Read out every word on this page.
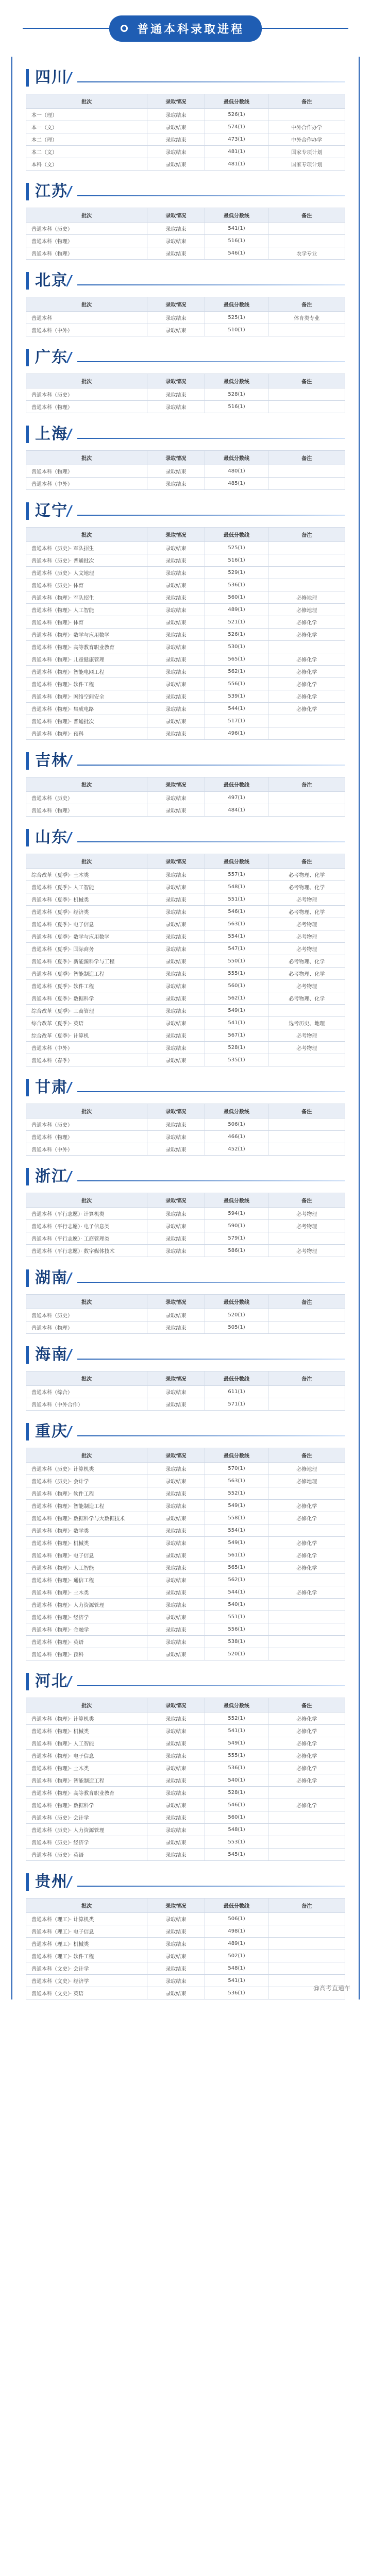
普通本科录取进程
四川
批次	录取情况	最低分数线	备注
本一（理）	录取结束	526(1)	
本一（文）	录取结束	574(1)	中外合作办学
本二（理）	录取结束	473(1)	中外合作办学
本二（文）	录取结束	481(1)	国家专项计划
本科（文）	录取结束	481(1)	国家专项计划
江苏
批次	录取情况	最低分数线	备注
普通本科（历史）	录取结束	541(1)	
普通本科（物理）	录取结束	516(1)	
普通本科（物理）	录取结束	546(1)	农学专业
北京
批次	录取情况	最低分数线	备注
普通本科	录取结束	525(1)	体育类专业
普通本科（中外）	录取结束	510(1)	
广东
批次	录取情况	最低分数线	备注
普通本科（历史）	录取结束	528(1)	
普通本科（物理）	录取结束	516(1)	
上海
批次	录取情况	最低分数线	备注
普通本科（物理）	录取结束	480(1)	
普通本科（中外）	录取结束	485(1)	
辽宁
批次	录取情况	最低分数线	备注
普通本科（历史）· 军队招生	录取结束	525(1)	
普通本科（历史）· 普通批次	录取结束	516(1)	
普通本科（历史）· 人文地理	录取结束	529(1)	
普通本科（历史）· 体育	录取结束	536(1)	
普通本科（物理）· 军队招生	录取结束	560(1)	必修地理
普通本科（物理）· 人工智能	录取结束	489(1)	必修地理
普通本科（物理）· 体育	录取结束	521(1)	必修化学
普通本科（物理）· 数学与应用数学	录取结束	526(1)	必修化学
普通本科（物理）· 高等教育职业教育	录取结束	530(1)	
普通本科（物理）· 儿童健康管理	录取结束	565(1)	必修化学
普通本科（物理）· 智能电网工程	录取结束	562(1)	必修化学
普通本科（物理）· 软件工程	录取结束	556(1)	必修化学
普通本科（物理）· 网络空间安全	录取结束	539(1)	必修化学
普通本科（物理）· 集成电路	录取结束	544(1)	必修化学
普通本科（物理）· 普通批次	录取结束	517(1)	
普通本科（物理）· 预科	录取结束	496(1)	
吉林
批次	录取情况	最低分数线	备注
普通本科（历史）	录取结束	497(1)	
普通本科（物理）	录取结束	484(1)	
山东
批次	录取情况	最低分数线	备注
综合改革（夏季）· 土木类	录取结束	557(1)	必考物理、化学
普通本科（夏季）· 人工智能	录取结束	548(1)	必考物理、化学
普通本科（夏季）· 机械类	录取结束	551(1)	必考物理
普通本科（夏季）· 经济类	录取结束	546(1)	必考物理、化学
普通本科（夏季）· 电子信息	录取结束	563(1)	必考物理
普通本科（夏季）· 数学与应用数学	录取结束	554(1)	必考物理
普通本科（夏季）· 国际商务	录取结束	547(1)	必考物理
普通本科（夏季）· 新能源科学与工程	录取结束	550(1)	必考物理、化学
普通本科（夏季）· 智能制造工程	录取结束	555(1)	必考物理、化学
普通本科（夏季）· 软件工程	录取结束	560(1)	必考物理
普通本科（夏季）· 数据科学	录取结束	562(1)	必考物理、化学
综合改革（夏季）· 工商管理	录取结束	549(1)	
综合改革（夏季）· 英语	录取结束	541(1)	选考历史、地理
综合改革（夏季）· 计算机	录取结束	567(1)	必考物理
普通本科（中外）	录取结束	528(1)	必考物理
普通本科（春季）	录取结束	535(1)	
甘肃
批次	录取情况	最低分数线	备注
普通本科（历史）	录取结束	506(1)	
普通本科（物理）	录取结束	466(1)	
普通本科（中外）	录取结束	452(1)	
浙江
批次	录取情况	最低分数线	备注
普通本科（平行志愿）· 计算机类	录取结束	594(1)	必考物理
普通本科（平行志愿）· 电子信息类	录取结束	590(1)	必考物理
普通本科（平行志愿）· 工商管理类	录取结束	579(1)	
普通本科（平行志愿）· 数字媒体技术	录取结束	586(1)	必考物理
湖南
批次	录取情况	最低分数线	备注
普通本科（历史）	录取结束	520(1)	
普通本科（物理）	录取结束	505(1)	
海南
批次	录取情况	最低分数线	备注
普通本科（综合）	录取结束	611(1)	
普通本科（中外合作）	录取结束	571(1)	
重庆
批次	录取情况	最低分数线	备注
普通本科（历史）· 计算机类	录取结束	570(1)	必修地理
普通本科（历史）· 会计学	录取结束	563(1)	必修地理
普通本科（物理）· 软件工程	录取结束	552(1)	
普通本科（物理）· 智能制造工程	录取结束	549(1)	必修化学
普通本科（物理）· 数据科学与大数据技术	录取结束	558(1)	必修化学
普通本科（物理）· 数学类	录取结束	554(1)	
普通本科（物理）· 机械类	录取结束	549(1)	必修化学
普通本科（物理）· 电子信息	录取结束	561(1)	必修化学
普通本科（物理）· 人工智能	录取结束	565(1)	必修化学
普通本科（物理）· 通信工程	录取结束	562(1)	
普通本科（物理）· 土木类	录取结束	544(1)	必修化学
普通本科（物理）· 人力资源管理	录取结束	540(1)	
普通本科（物理）· 经济学	录取结束	551(1)	
普通本科（物理）· 金融学	录取结束	556(1)	
普通本科（物理）· 英语	录取结束	538(1)	
普通本科（物理）· 预科	录取结束	520(1)	
河北
批次	录取情况	最低分数线	备注
普通本科（物理）· 计算机类	录取结束	552(1)	必修化学
普通本科（物理）· 机械类	录取结束	541(1)	必修化学
普通本科（物理）· 人工智能	录取结束	549(1)	必修化学
普通本科（物理）· 电子信息	录取结束	555(1)	必修化学
普通本科（物理）· 土木类	录取结束	536(1)	必修化学
普通本科（物理）· 智能制造工程	录取结束	540(1)	必修化学
普通本科（物理）· 高等教育职业教育	录取结束	528(1)	
普通本科（物理）· 数据科学	录取结束	546(1)	必修化学
普通本科（历史）· 会计学	录取结束	560(1)	
普通本科（历史）· 人力资源管理	录取结束	548(1)	
普通本科（历史）· 经济学	录取结束	553(1)	
普通本科（历史）· 英语	录取结束	545(1)	
贵州
批次	录取情况	最低分数线	备注
普通本科（理工）· 计算机类	录取结束	506(1)	
普通本科（理工）· 电子信息	录取结束	498(1)	
普通本科（理工）· 机械类	录取结束	489(1)	
普通本科（理工）· 软件工程	录取结束	502(1)	
普通本科（文史）· 会计学	录取结束	548(1)	
普通本科（文史）· 经济学	录取结束	541(1)	
普通本科（文史）· 英语	录取结束	536(1)	
@高考直通车
